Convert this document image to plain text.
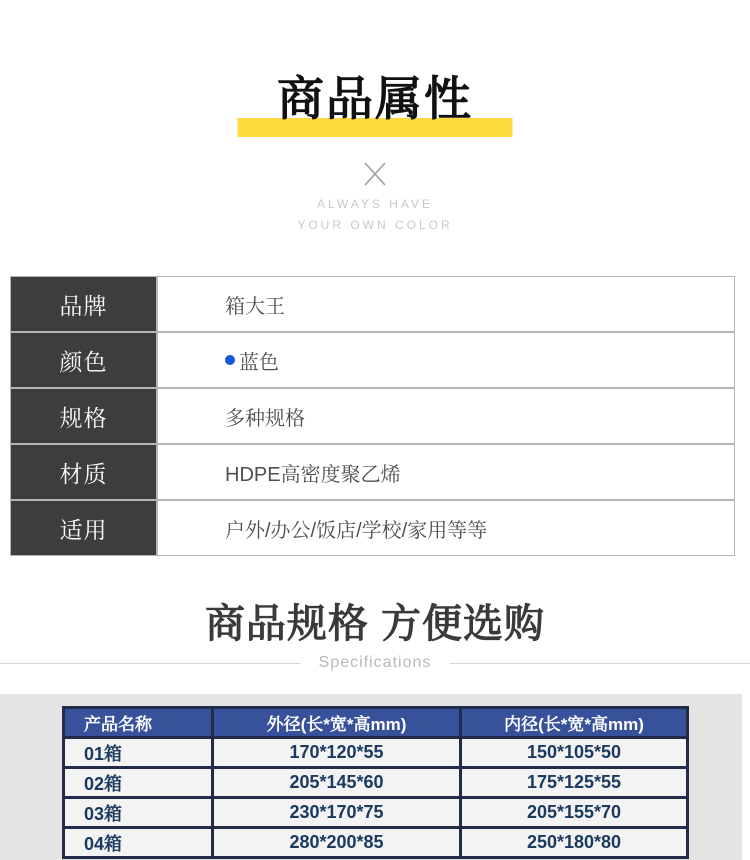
商品属性
ALWAYS HAVE
YOUR OWN COLOR
品牌	箱大王
颜色	蓝色
规格	多种规格
材质	HDPE高密度聚乙烯
适用	户外/办公/饭店/学校/家用等等
商品规格 方便选购
Specifications
产品名称	外径(长*宽*高mm)	内径(长*宽*高mm)
01箱	170*120*55	150*105*50
02箱	205*145*60	175*125*55
03箱	230*170*75	205*155*70
04箱	280*200*85	250*180*80
